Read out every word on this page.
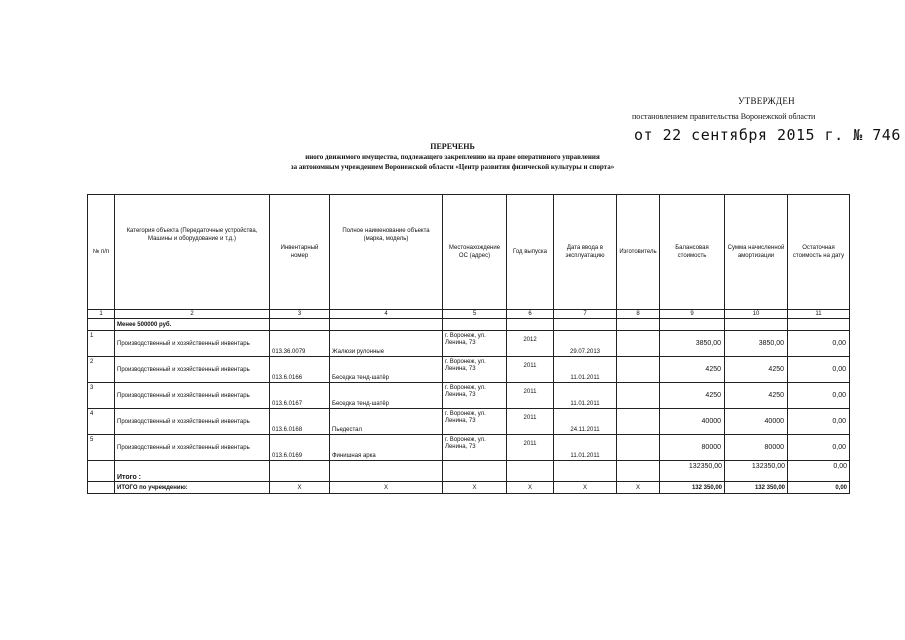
УТВЕРЖДЕН
постановлением правительства Воронежской области
от 22 сентября 2015 г. № 746
ПЕРЕЧЕНЬ
иного движимого имущества, подлежащего закреплению на праве оперативного управления
за автономным учреждением Воронежской области «Центр развития физической культуры и спорта»
№ п/п	Категория объекта (Передаточные устройства, Машины и оборудование и т.д.)	Инвентарный номер	Полное наименование объекта (марка, модель)	Местонахождение ОС (адрес)	Год выпуска	Дата ввода в эксплуатацию	Изготовитель	Балансовая стоимость	Сумма начисленной амортизации	Остаточная стоимость на дату
1	2	3	4	5	6	7	8	9	10	11
	Менее 500000 руб.									
1	Производственный и хозяйственный инвентарь	013.36.0079	Жалюзи рулонные	г. Воронеж, ул. Ленина, 73	2012	29.07.2013		3850,00	3850,00	0,00
2	Производственный и хозяйственный инвентарь	013.6.0166	Беседка тенд-шатёр	г. Воронеж, ул. Ленина, 73	2011	11.01.2011		4250	4250	0,00
3	Производственный и хозяйственный инвентарь	013.6.0167	Беседка тенд-шатёр	г. Воронеж, ул. Ленина, 73	2011	11.01.2011		4250	4250	0,00
4	Производственный и хозяйственный инвентарь	013.6.0168	Пьедестал	г. Воронеж, ул. Ленина, 73	2011	24.11.2011		40000	40000	0,00
5	Производственный и хозяйственный инвентарь	013.6.0169	Финишная арка	г. Воронеж, ул. Ленина, 73	2011	11.01.2011		80000	80000	0,00
	Итого :							132350,00	132350,00	0,00
	ИТОГО по учреждению:	X	X	X	X	X	X	132 350,00	132 350,00	0,00
